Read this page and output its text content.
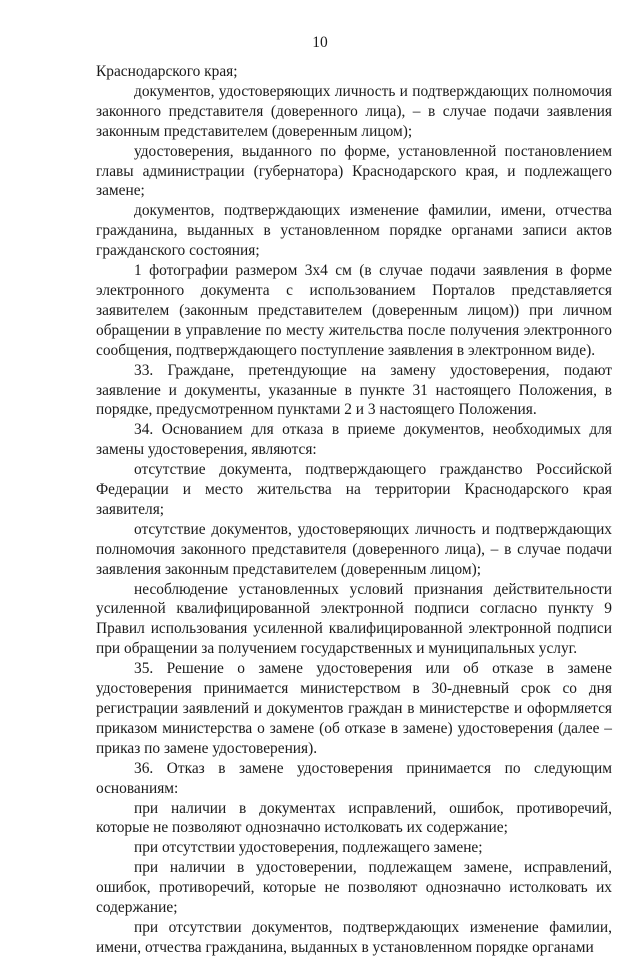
10

Краснодарского края;

документов, удостоверяющих личность и подтверждающих полномочия законного представителя (доверенного лица), – в случае подачи заявления законным представителем (доверенным лицом);

удостоверения, выданного по форме, установленной постановлением главы администрации (губернатора) Краснодарского края, и подлежащего замене;

документов, подтверждающих изменение фамилии, имени, отчества гражданина, выданных в установленном порядке органами записи актов гражданского состояния;

1 фотографии размером 3х4 см (в случае подачи заявления в форме электронного документа с использованием Порталов представляется заявителем (законным представителем (доверенным лицом)) при личном обращении в управление по месту жительства после получения электронного сообщения, подтверждающего поступление заявления в электронном виде).

33. Граждане, претендующие на замену удостоверения, подают заявление и документы, указанные в пункте 31 настоящего Положения, в порядке, предусмотренном пунктами 2 и 3 настоящего Положения.

34. Основанием для отказа в приеме документов, необходимых для замены удостоверения, являются:

отсутствие документа, подтверждающего гражданство Российской Федерации и место жительства на территории Краснодарского края заявителя;

отсутствие документов, удостоверяющих личность и подтверждающих полномочия законного представителя (доверенного лица), – в случае подачи заявления законным представителем (доверенным лицом);

несоблюдение установленных условий признания действительности усиленной квалифицированной электронной подписи согласно пункту 9 Правил использования усиленной квалифицированной электронной подписи при обращении за получением государственных и муниципальных услуг.

35. Решение о замене удостоверения или об отказе в замене удостоверения принимается министерством в 30-дневный срок со дня регистрации заявлений и документов граждан в министерстве и оформляется приказом министерства о замене (об отказе в замене) удостоверения (далее – приказ по замене удостоверения).

36. Отказ в замене удостоверения принимается по следующим основаниям:

при наличии в документах исправлений, ошибок, противоречий, которые не позволяют однозначно истолковать их содержание;

при отсутствии удостоверения, подлежащего замене;

при наличии в удостоверении, подлежащем замене, исправлений, ошибок, противоречий, которые не позволяют однозначно истолковать их содержание;

при отсутствии документов, подтверждающих изменение фамилии, имени, отчества гражданина, выданных в установленном порядке органами
